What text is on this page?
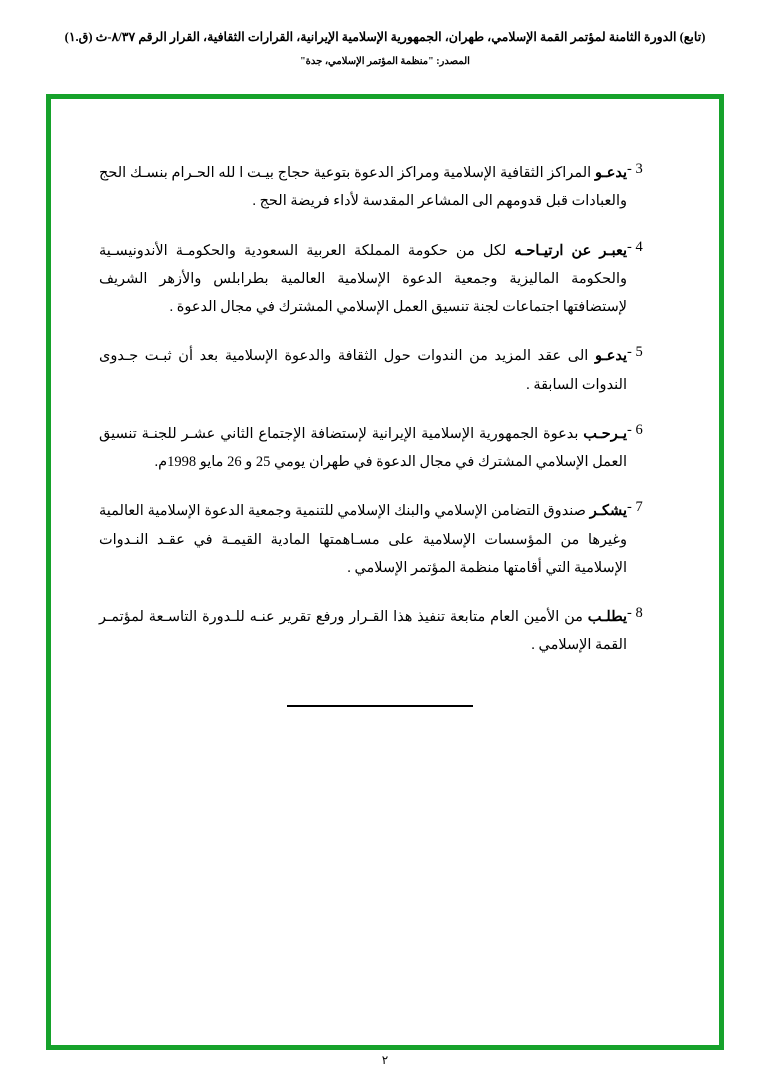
(تابع) الدورة الثامنة لمؤتمر القمة الإسلامي، طهران، الجمهورية الإسلامية الإيرانية، القرارات الثقافية، القرار الرقم ٨/٣٧-ث (ق.١)
المصدر: "منظمة المؤتمر الإسلامي، جدة"
3 -
يدعـو المراكز الثقافية الإسلامية ومراكز الدعوة بتوعية حجاج بيـت ا لله الحـرام بنسـك الحج والعبادات قبل قدومهم الى المشاعر المقدسة لأداء فريضة الحج .
4 -
يعبـر عن ارتيـاحـه لكل من حكومة المملكة العربية السعودية والحكومـة الأندونيسـية والحكومة الماليزية وجمعية الدعوة الإسلامية العالمية بطرابلس والأزهر الشريف لإستضافتها اجتماعات لجنة تنسيق العمل الإسلامي المشترك في مجال الدعوة .
5 -
يدعـو الى عقد المزيد من الندوات حول الثقافة والدعوة الإسلامية بعد أن ثبـت جـدوى الندوات السابقة .
6 -
يـرحـب بدعوة الجمهورية الإسلامية الإيرانية لإستضافة الإجتماع الثاني عشـر للجنـة تنسيق العمل الإسلامي المشترك في مجال الدعوة في طهران يومي 25 و 26 مايو 1998م.
7 -
يشكـر صندوق التضامن الإسلامي والبنك الإسلامي للتنمية وجمعية الدعوة الإسلامية العالمية وغيرها من المؤسسات الإسلامية على مسـاهمتها المادية القيمـة في عقـد النـدوات الإسلامية التي أقامتها منظمة المؤتمر الإسلامي .
8 -
يطلـب من الأمين العام متابعة تنفيذ هذا القـرار ورفع تقرير عنـه للـدورة التاسـعة لمؤتمـر القمة الإسلامي .
٢
